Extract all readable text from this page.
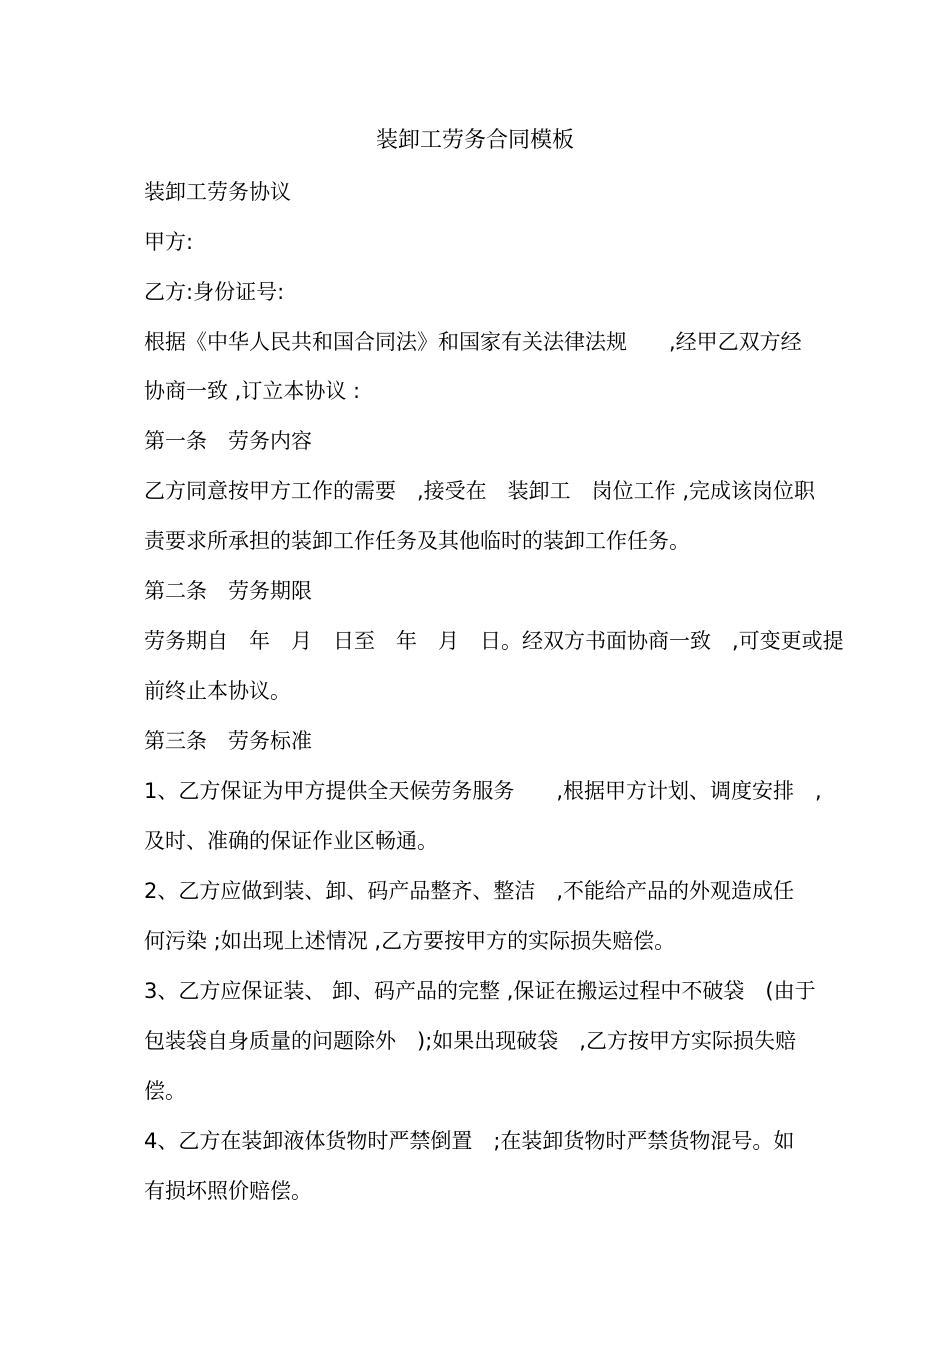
装卸工劳务合同模板
装卸工劳务协议
甲方:
乙方:身份证号:
根据《中华人民共和国合同法》和国家有关法律法规　　,经甲乙双方经
协商一致 ,订立本协议 :
第一条　劳务内容
乙方同意按甲方工作的需要　,接受在　装卸工　岗位工作 ,完成该岗位职
责要求所承担的装卸工作任务及其他临时的装卸工作任务。
第二条　劳务期限
劳务期自　年　月　日至　年　月　日。经双方书面协商一致　,可变更或提
前终止本协议。
第三条　劳务标准
1、乙方保证为甲方提供全天候劳务服务　　,根据甲方计划、调度安排　,
及时、准确的保证作业区畅通。
2、乙方应做到装、卸、码产品整齐、整洁　,不能给产品的外观造成任
何污染 ;如出现上述情况 ,乙方要按甲方的实际损失赔偿。
3、乙方应保证装、 卸、码产品的完整 ,保证在搬运过程中不破袋　(由于
包装袋自身质量的问题除外　);如果出现破袋　,乙方按甲方实际损失赔
偿。
4、乙方在装卸液体货物时严禁倒置　;在装卸货物时严禁货物混号。如
有损坏照价赔偿。
